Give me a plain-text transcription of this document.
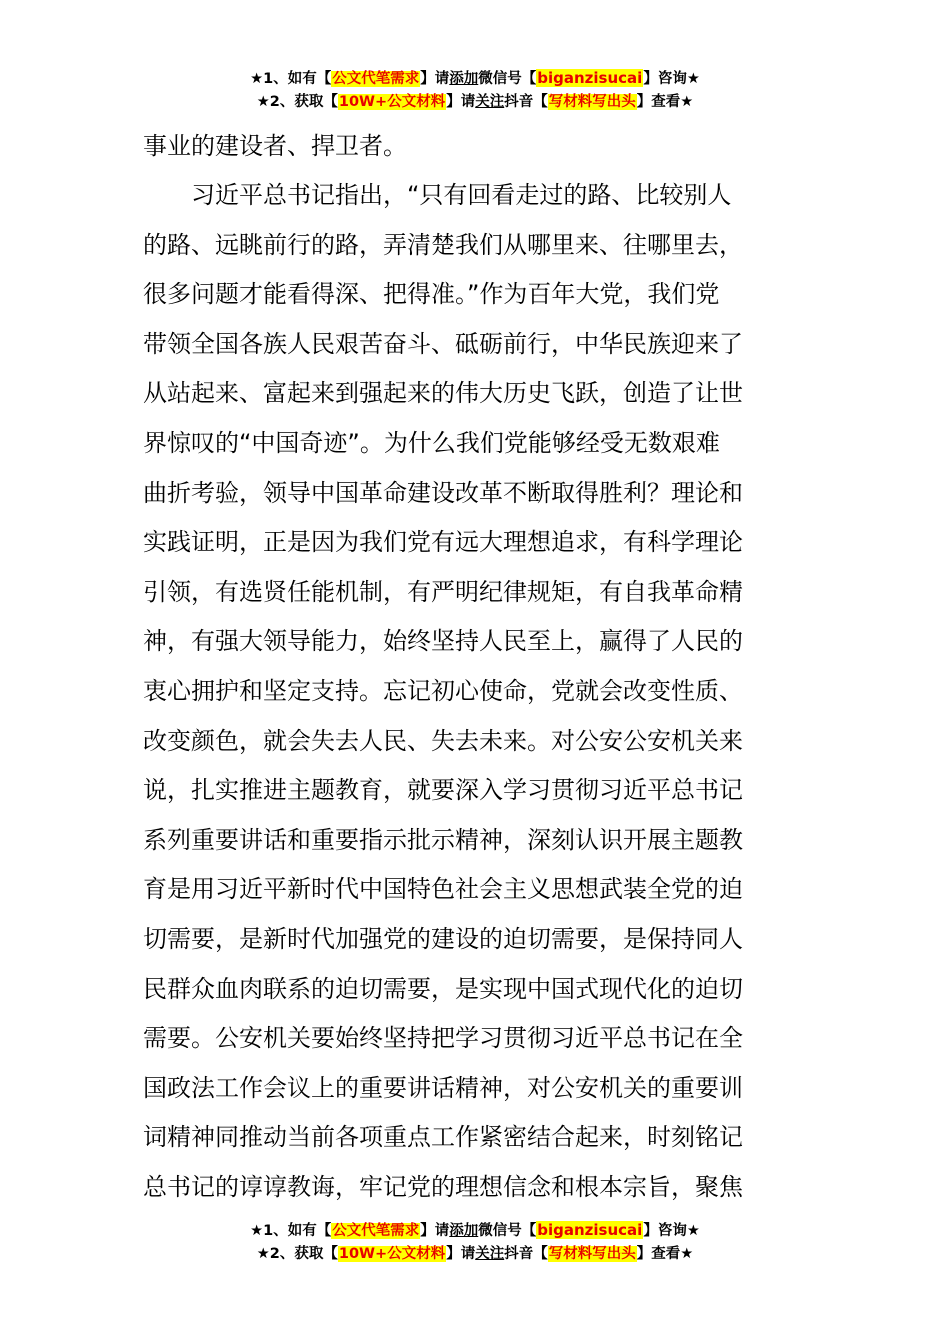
★1、如有【公文代笔需求】请添加微信号【biganzisucai】咨询★
★2、获取【10W+公文材料】请关注抖音【写材料写出头】查看★
事业的建设者、捍卫者。
　　习近平总书记指出，“只有回看走过的路、比较别人
的路、远眺前行的路，弄清楚我们从哪里来、往哪里去，
很多问题才能看得深、把得准。”作为百年大党，我们党
带领全国各族人民艰苦奋斗、砥砺前行，中华民族迎来了
从站起来、富起来到强起来的伟大历史飞跃，创造了让世
界惊叹的“中国奇迹”。为什么我们党能够经受无数艰难
曲折考验，领导中国革命建设改革不断取得胜利？理论和
实践证明，正是因为我们党有远大理想追求，有科学理论
引领，有选贤任能机制，有严明纪律规矩，有自我革命精
神，有强大领导能力，始终坚持人民至上，赢得了人民的
衷心拥护和坚定支持。忘记初心使命，党就会改变性质、
改变颜色，就会失去人民、失去未来。对公安公安机关来
说，扎实推进主题教育，就要深入学习贯彻习近平总书记
系列重要讲话和重要指示批示精神，深刻认识开展主题教
育是用习近平新时代中国特色社会主义思想武装全党的迫
切需要，是新时代加强党的建设的迫切需要，是保持同人
民群众血肉联系的迫切需要，是实现中国式现代化的迫切
需要。公安机关要始终坚持把学习贯彻习近平总书记在全
国政法工作会议上的重要讲话精神，对公安机关的重要训
词精神同推动当前各项重点工作紧密结合起来，时刻铭记
总书记的谆谆教诲，牢记党的理想信念和根本宗旨，聚焦
★1、如有【公文代笔需求】请添加微信号【biganzisucai】咨询★
★2、获取【10W+公文材料】请关注抖音【写材料写出头】查看★
